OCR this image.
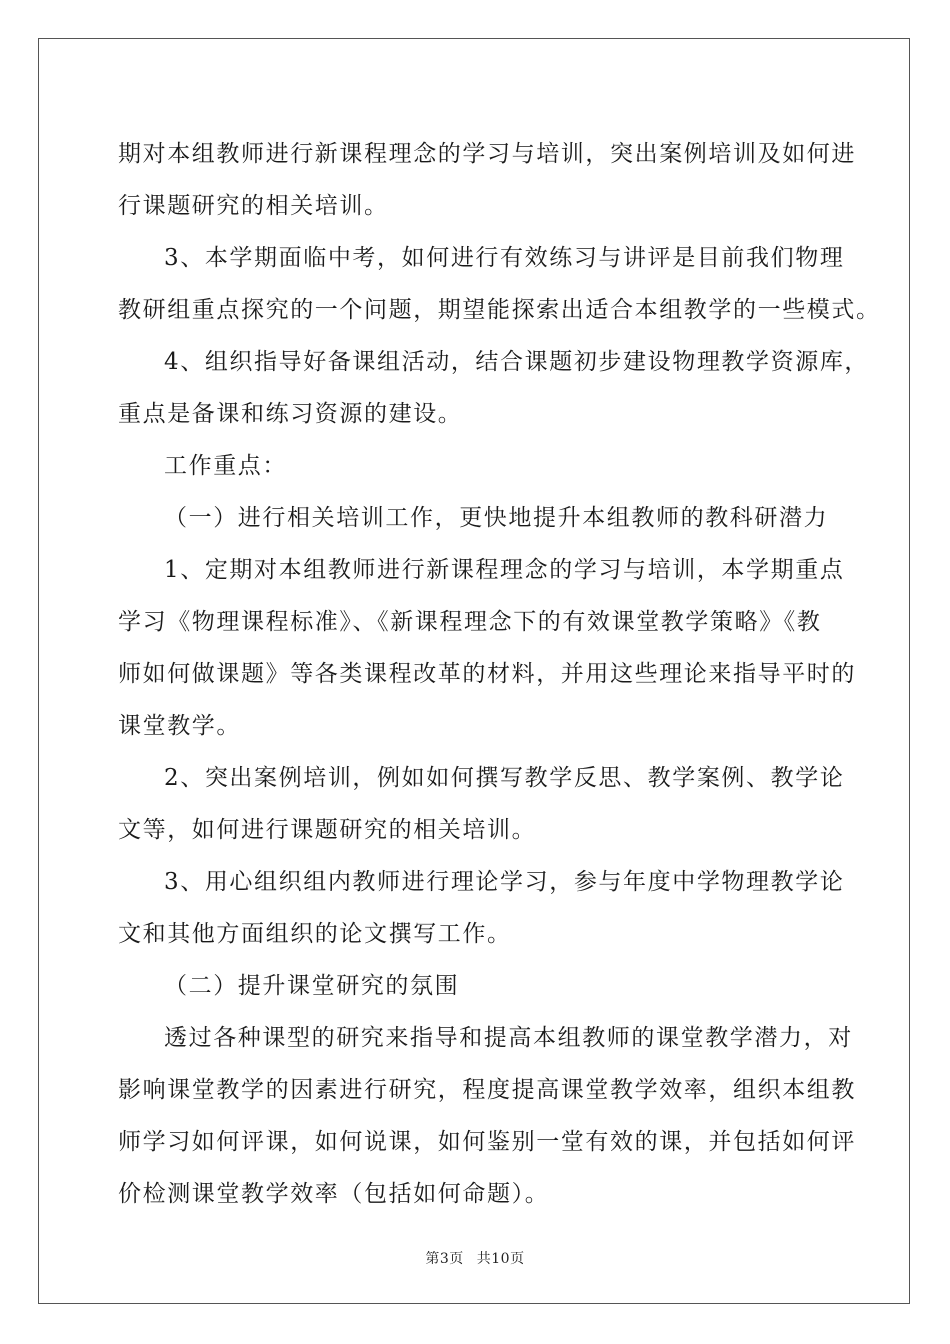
期对本组教师进行新课程理念的学习与培训，突出案例培训及如何进

行课题研究的相关培训。

3、本学期面临中考，如何进行有效练习与讲评是目前我们物理

教研组重点探究的一个问题，期望能探索出适合本组教学的一些模式。

4、组织指导好备课组活动，结合课题初步建设物理教学资源库，

重点是备课和练习资源的建设。

工作重点：

（一）进行相关培训工作，更快地提升本组教师的教科研潜力

1、定期对本组教师进行新课程理念的学习与培训，本学期重点

学习《物理课程标准》、《新课程理念下的有效课堂教学策略》《教

师如何做课题》等各类课程改革的材料，并用这些理论来指导平时的

课堂教学。

2、突出案例培训，例如如何撰写教学反思、教学案例、教学论

文等，如何进行课题研究的相关培训。

3、用心组织组内教师进行理论学习，参与年度中学物理教学论

文和其他方面组织的论文撰写工作。

（二）提升课堂研究的氛围

透过各种课型的研究来指导和提高本组教师的课堂教学潜力，对

影响课堂教学的因素进行研究，程度提高课堂教学效率，组织本组教

师学习如何评课，如何说课，如何鉴别一堂有效的课，并包括如何评

价检测课堂教学效率（包括如何命题）。

第3页 共10页
